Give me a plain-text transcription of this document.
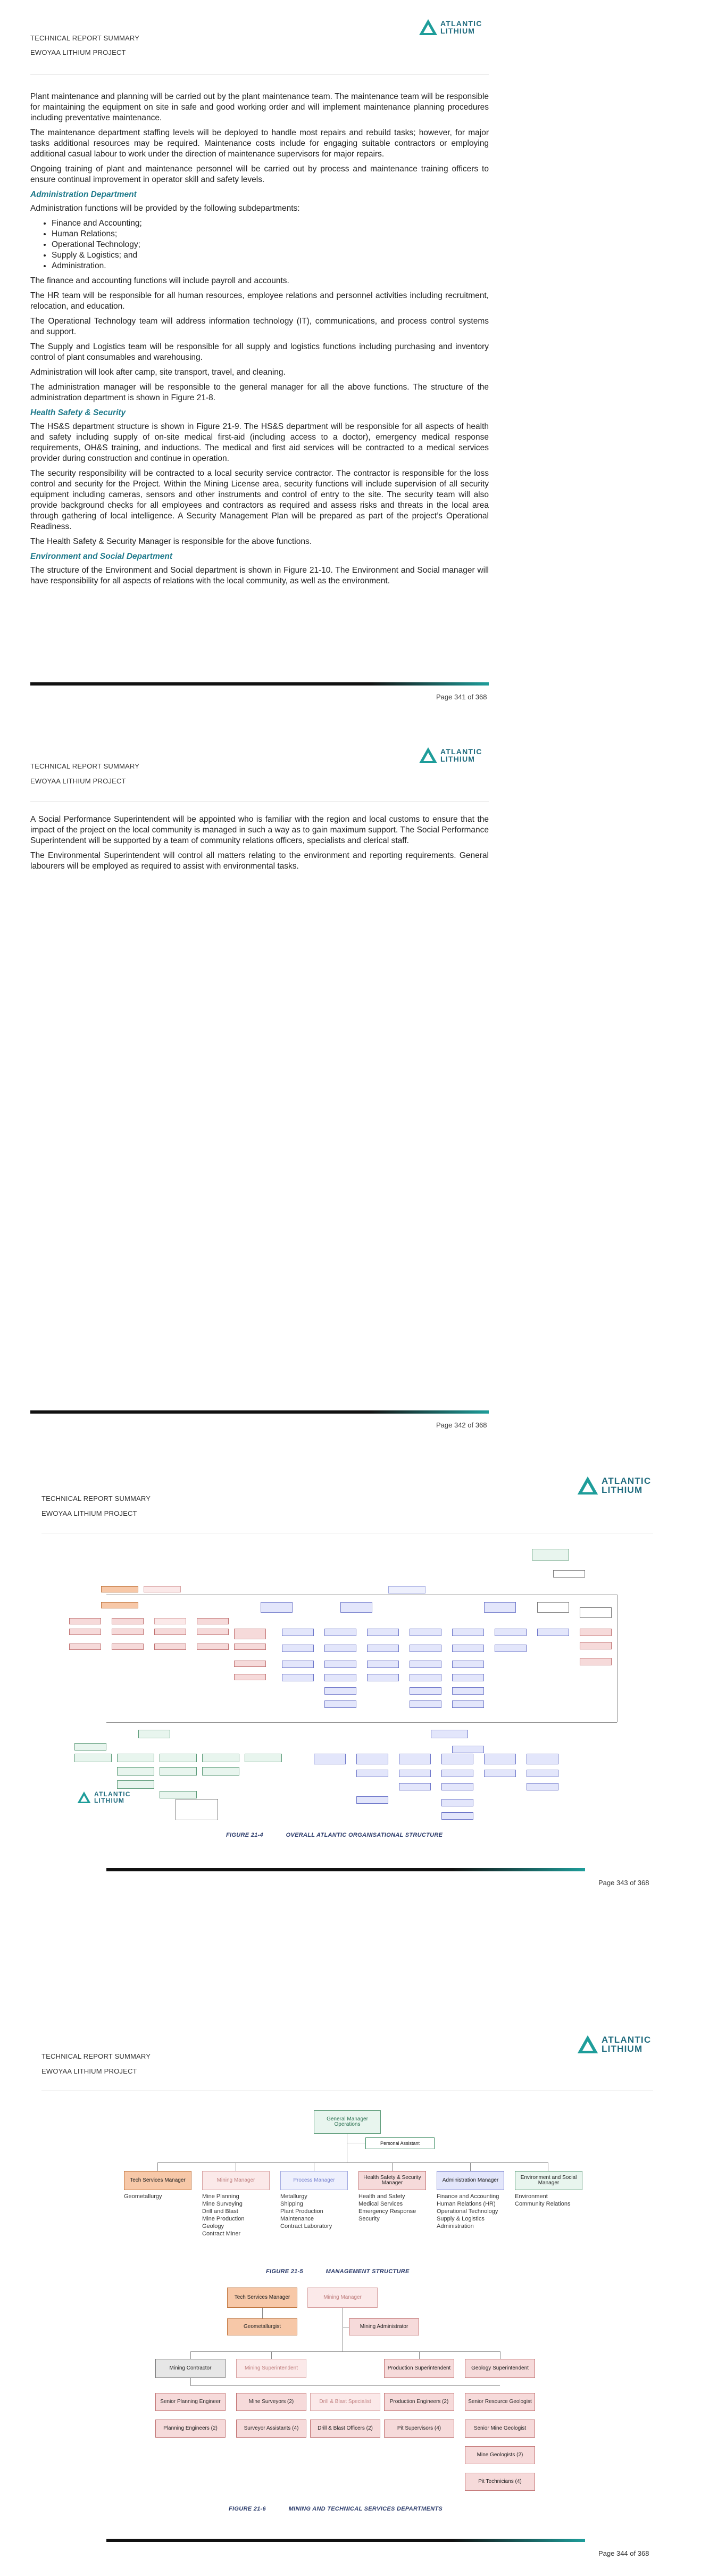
TECHNICAL REPORT SUMMARY
EWOYAA LITHIUM PROJECT
ATLANTIC
LITHIUM

Plant maintenance and planning will be carried out by the plant maintenance team. The maintenance team will be responsible for maintaining the equipment on site in safe and good working order and will implement maintenance planning procedures including preventative maintenance.

The maintenance department staffing levels will be deployed to handle most repairs and rebuild tasks; however, for major tasks additional resources may be required. Maintenance costs include for engaging suitable contractors or employing additional casual labour to work under the direction of maintenance supervisors for major repairs.

Ongoing training of plant and maintenance personnel will be carried out by process and maintenance training officers to ensure continual improvement in operator skill and safety levels.

Administration Department

Administration functions will be provided by the following subdepartments:

• Finance and Accounting;
• Human Relations;
• Operational Technology;
• Supply & Logistics; and
• Administration.

The finance and accounting functions will include payroll and accounts.

The HR team will be responsible for all human resources, employee relations and personnel activities including recruitment, relocation, and education.

The Operational Technology team will address information technology (IT), communications, and process control systems and support.

The Supply and Logistics team will be responsible for all supply and logistics functions including purchasing and inventory control of plant consumables and warehousing.

Administration will look after camp, site transport, travel, and cleaning.

The administration manager will be responsible to the general manager for all the above functions. The structure of the administration department is shown in Figure 21-8.

Health Safety & Security

The HS&S department structure is shown in Figure 21-9. The HS&S department will be responsible for all aspects of health and safety including supply of on-site medical first-aid (including access to a doctor), emergency medical response requirements, OH&S training, and inductions. The medical and first aid services will be contracted to a medical services provider during construction and continue in operation.

The security responsibility will be contracted to a local security service contractor. The contractor is responsible for the loss control and security for the Project. Within the Mining License area, security functions will include supervision of all security equipment including cameras, sensors and other instruments and control of entry to the site. The security team will also provide background checks for all employees and contractors as required and assess risks and threats in the local area through gathering of local intelligence. A Security Management Plan will be prepared as part of the project’s Operational Readiness.

The Health Safety & Security Manager is responsible for the above functions.

Environment and Social Department

The structure of the Environment and Social department is shown in Figure 21-10. The Environment and Social manager will have responsibility for all aspects of relations with the local community, as well as the environment.

Page 341 of 368
TECHNICAL REPORT SUMMARY
EWOYAA LITHIUM PROJECT
ATLANTIC
LITHIUM

A Social Performance Superintendent will be appointed who is familiar with the region and local customs to ensure that the impact of the project on the local community is managed in such a way as to gain maximum support. The Social Performance Superintendent will be supported by a team of community relations officers, specialists and clerical staff.

The Environmental Superintendent will control all matters relating to the environment and reporting requirements. General labourers will be employed as required to assist with environmental tasks.

Page 342 of 368
TECHNICAL REPORT SUMMARY
EWOYAA LITHIUM PROJECT
ATLANTIC
LITHIUM
ATLANTIC
LITHIUM
FIGURE 21-4	OVERALL ATLANTIC ORGANISATIONAL STRUCTURE
Page 343 of 368
TECHNICAL REPORT SUMMARY
EWOYAA LITHIUM PROJECT
ATLANTIC
LITHIUM
General Manager Operations
Personal Assistant
Tech Services Manager	Mining Manager	Process Manager	Health Safety & Security Manager	Administration Manager	Environment and Social Manager
Geometallurgy	Mine Planning
Mine Surveying
Drill and Blast
Mine Production
Geology
Contract Miner
Metallurgy
Shipping
Plant Production
Maintenance
Contract Laboratory
Health and Safety
Medical Services
Emergency Response
Security
Finance and Accounting
Human Relations (HR)
Operational Technology
Supply & Logistics
Administration
Environment
Community Relations
FIGURE 21-5	MANAGEMENT STRUCTURE
Tech Services Manager	Mining Manager
Geometallurgist	Mining Administrator
Mining Contractor	Mining Superintendent	Production Superintendent	Geology Superintendent
Senior Planning Engineer	Mine Surveyors (2)	Drill & Blast Specialist	Production Engineers (2)	Senior Resource Geologist
Planning Engineers (2)	Surveyor Assistants (4)	Drill & Blast Officers (2)	Pit Supervisors (4)	Senior Mine Geologist
Mine Geologists (2)
Pit Technicians (4)
FIGURE 21-6	MINING AND TECHNICAL SERVICES DEPARTMENTS
Page 344 of 368
